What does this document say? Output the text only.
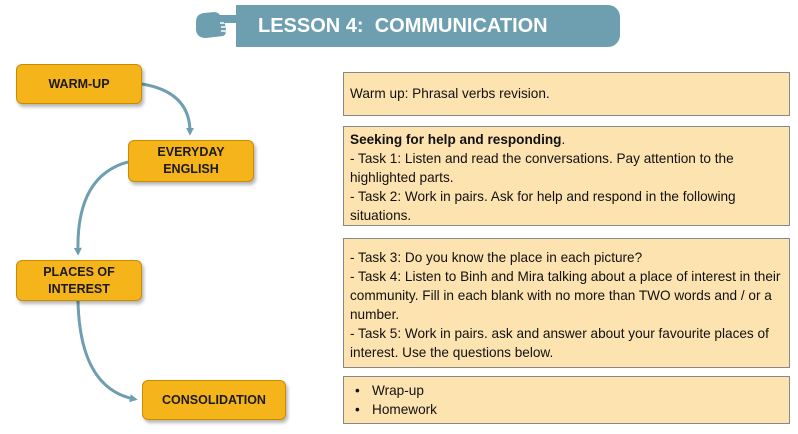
LESSON 4:  COMMUNICATION
WARM-UP
EVERYDAY
ENGLISH
PLACES OF
INTEREST
CONSOLIDATION

Warm up: Phrasal verbs revision.

Seeking for help and responding.

- Task 1: Listen and read the conversations. Pay attention to the highlighted parts.

- Task 2: Work in pairs. Ask for help and respond in the following situations.

- Task 3: Do you know the place in each picture?

- Task 4: Listen to Binh and Mira talking about a place of interest in their community. Fill in each blank with no more than TWO words and / or a number.

- Task 5: Work in pairs. ask and answer about your favourite places of interest. Use the questions below.

• Wrap-up
• Homework
